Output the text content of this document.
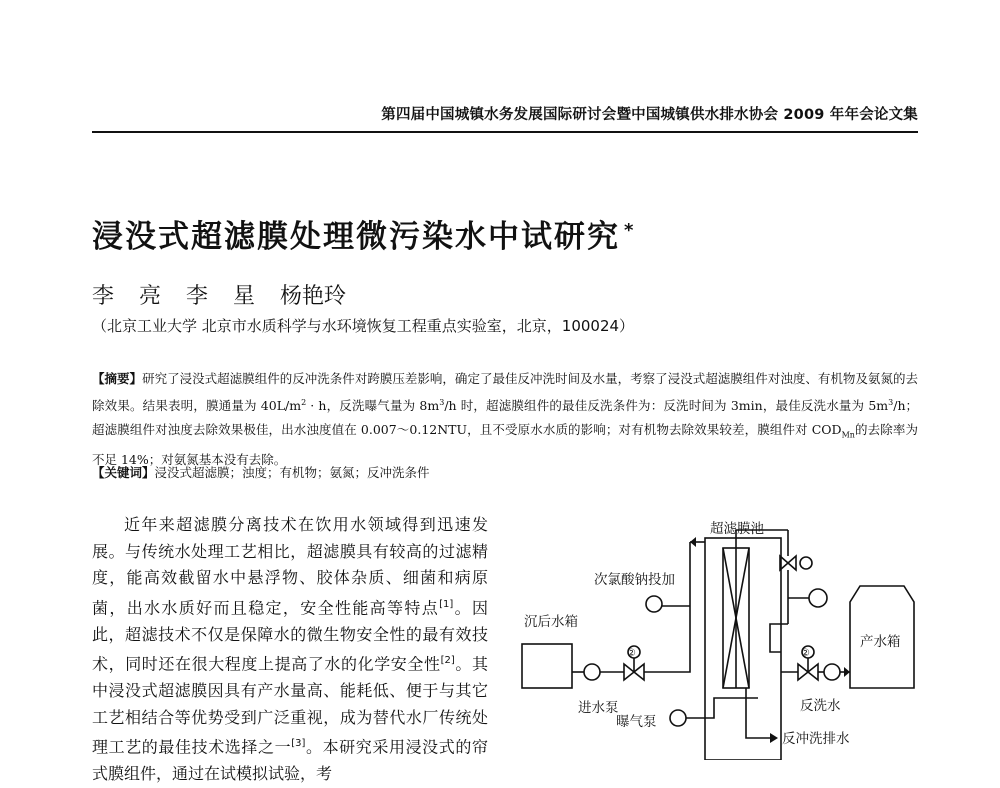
第四届中国城镇水务发展国际研讨会暨中国城镇供水排水协会 2009 年年会论文集
浸没式超滤膜处理微污染水中试研究 *
李 亮 李 星 杨艳玲
（北京工业大学 北京市水质科学与水环境恢复工程重点实验室，北京，100024）
【摘要】研究了浸没式超滤膜组件的反冲洗条件对跨膜压差影响，确定了最佳反冲洗时间及水量，考察了浸没式超滤膜组件对浊度、有机物及氨氮的去除效果。结果表明，膜通量为 $40L/m^2 \cdot h$，反洗曝气量为 $8m^3/h$ 时，超滤膜组件的最佳反洗条件为：反洗时间为 3min，最佳反洗水量为 $5m^3/h$；超滤膜组件对浊度去除效果极佳，出水浊度值在 0.007～0.12NTU，且不受原水水质的影响；对有机物去除效果较差，膜组件对 $COD_{Mn}$的去除率为不足 14%；对氨氮基本没有去除。
【关键词】浸没式超滤膜；浊度；有机物；氨氮；反冲洗条件
近年来超滤膜分离技术在饮用水领域得到迅速发展。与传统水处理工艺相比，超滤膜具有较高的过滤精度，能高效截留水中悬浮物、胶体杂质、细菌和病原菌，出水水质好而且稳定，安全性能高等特点[1]。因此，超滤技术不仅是保障水的微生物安全性的最有效技术，同时还在很大程度上提高了水的化学安全性[2]。其中浸没式超滤膜因具有产水量高、能耗低、便于与其它工艺相结合等优势受到广泛重视，成为替代水厂传统处理工艺的最佳技术选择之一[3]。本研究采用浸没式的帘式膜组件，通过在试模拟试验，考
超滤膜池
次氯酸钠投加
沉后水箱
②	②
产水箱
反洗水
进水泵
曝气泵
反冲洗排水
